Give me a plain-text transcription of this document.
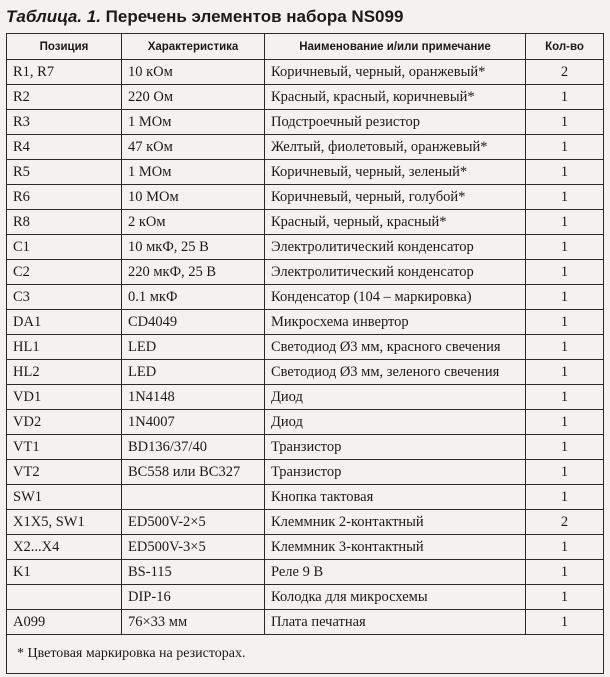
Таблица. 1. Перечень элементов набора NS099
Позиция	Характеристика	Наименование и/или примечание	Кол-во
R1, R7	10 кОм	Коричневый, черный, оранжевый*	2
R2	220 Ом	Красный, красный, коричневый*	1
R3	1 МОм	Подстроечный резистор	1
R4	47 кОм	Желтый, фиолетовый, оранжевый*	1
R5	1 МОм	Коричневый, черный, зеленый*	1
R6	10 МОм	Коричневый, черный, голубой*	1
R8	2 кОм	Красный, черный, красный*	1
C1	10 мкФ, 25 В	Электролитический конденсатор	1
C2	220 мкФ, 25 В	Электролитический конденсатор	1
C3	0.1 мкФ	Конденсатор (104 – маркировка)	1
DA1	CD4049	Микросхема инвертор	1
HL1	LED	Светодиод Ø3 мм, красного свечения	1
HL2	LED	Светодиод Ø3 мм, зеленого свечения	1
VD1	1N4148	Диод	1
VD2	1N4007	Диод	1
VT1	BD136/37/40	Транзистор	1
VT2	BC558 или BC327	Транзистор	1
SW1		Кнопка тактовая	1
X1X5, SW1	ED500V-2×5	Клеммник 2-контактный	2
X2...X4	ED500V-3×5	Клеммник 3-контактный	1
K1	BS-115	Реле 9 В	1
	DIP-16	Колодка для микросхемы	1
A099	76×33 мм	Плата печатная	1
* Цветовая маркировка на резисторах.			
